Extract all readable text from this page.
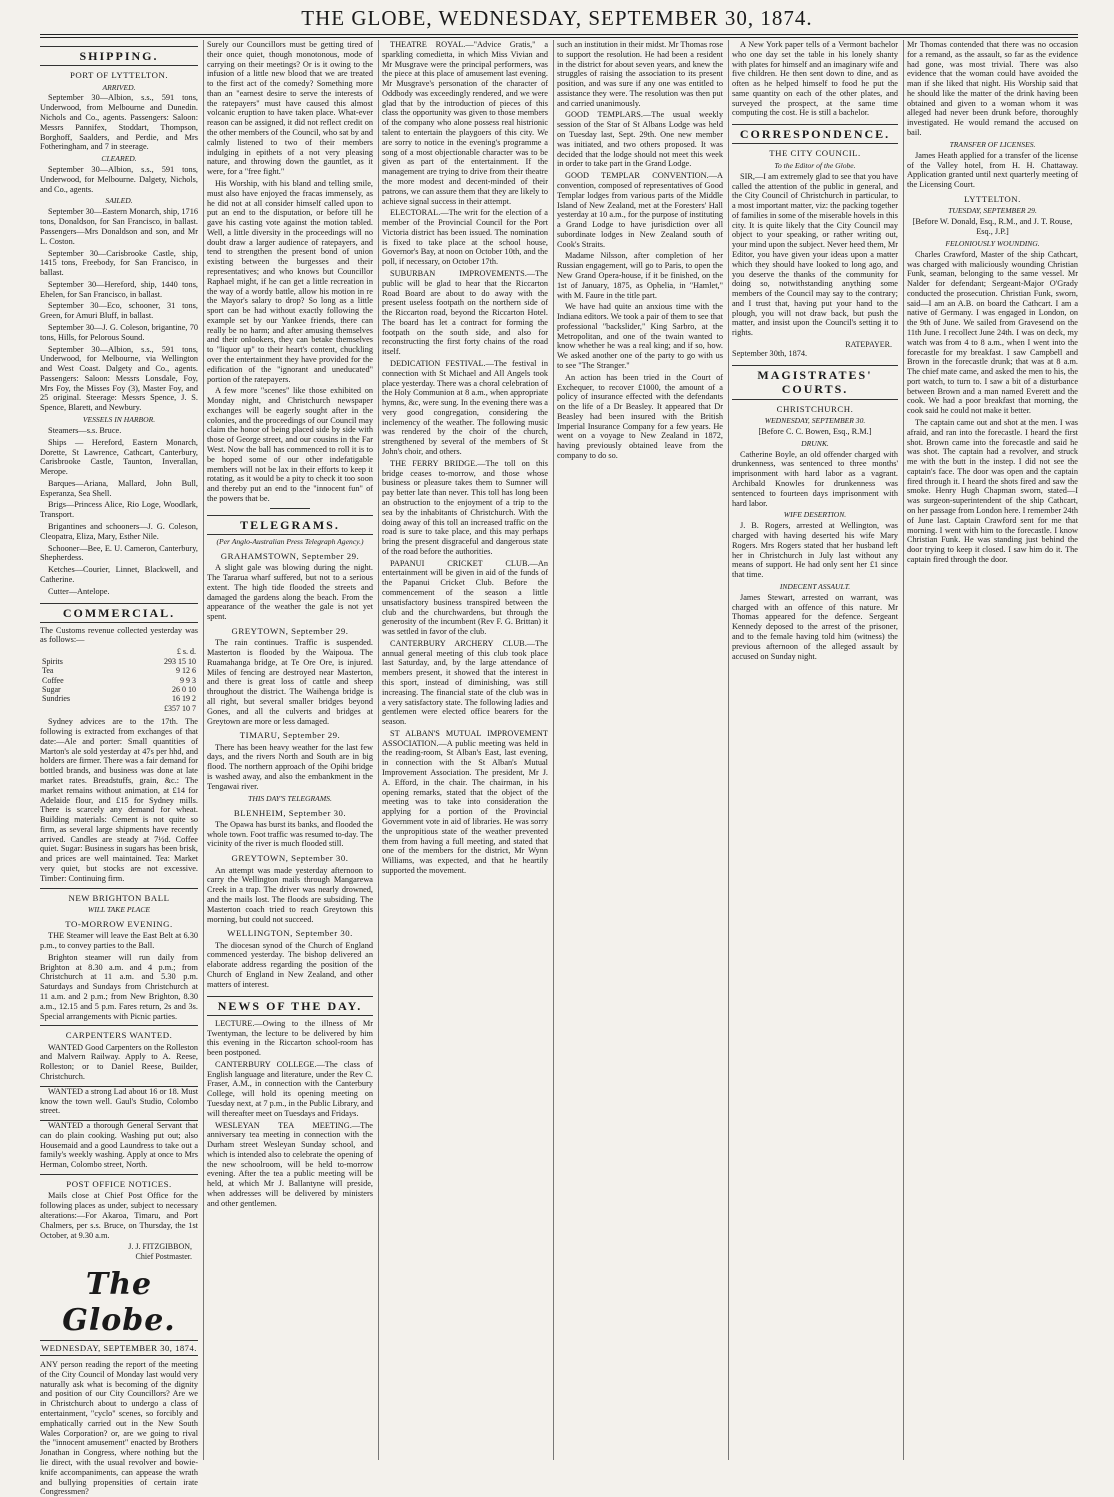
THE GLOBE, WEDNESDAY, SEPTEMBER 30, 1874.
SHIPPING.
PORT OF LYTTELTON.
ARRIVED.

September 30—Albion, s.s., 591 tons, Underwood, from Melbourne and Dunedin. Nichols and Co., agents. Passengers: Saloon: Messrs Pannifex, Stoddart, Thompson, Borghoff, Saalders, and Perdie, and Mrs Fotheringham, and 7 in steerage.

CLEARED.

September 30—Albion, s.s., 591 tons, Underwood, for Melbourne. Dalgety, Nichols, and Co., agents.

SAILED.

September 30—Eastern Monarch, ship, 1716 tons, Donaldson, for San Francisco, in ballast. Passengers—Mrs Donaldson and son, and Mr L. Coston.

September 30—Carisbrooke Castle, ship, 1415 tons, Freebody, for San Francisco, in ballast.

September 30—Hereford, ship, 1440 tons, Ehelen, for San Francisco, in ballast.

September 30—Eco, schooner, 31 tons, Green, for Amuri Bluff, in ballast.

September 30—J. G. Coleson, brigantine, 70 tons, Hills, for Pelorous Sound.

September 30—Albion, s.s., 591 tons, Underwood, for Melbourne, via Wellington and West Coast. Dalgety and Co., agents. Passengers: Saloon: Messrs Lonsdale, Foy, Mrs Foy, the Misses Foy (3), Master Foy, and 25 original. Steerage: Messrs Spence, J. S. Spence, Blarett, and Newbury.

VESSELS IN HARBOR.

Steamers—s.s. Bruce.

Ships — Hereford, Eastern Monarch, Dorette, St Lawrence, Cathcart, Canterbury, Carisbrooke Castle, Taunton, Inverallan, Merope.

Barques—Ariana, Mallard, John Bull, Esperanza, Sea Shell.

Brigs—Princess Alice, Rio Loge, Woodlark, Transport.

Brigantines and schooners—J. G. Coleson, Cleopatra, Eliza, Mary, Esther Nile.

Schooner—Bee, E. U. Cameron, Canterbury, Shepherdess.

Ketches—Courier, Linnet, Blackwell, and Catherine.

Cutter—Antelope.

COMMERCIAL.

The Customs revenue collected yesterday was as follows:—

	£ s. d.
Spirits	293 15 10
Tea	9 12 6
Coffee	9 9 3
Sugar	26 0 10
Sundries	16 19 2
	£357 10 7

Sydney advices are to the 17th. The following is extracted from exchanges of that date:—Ale and porter: Small quantities of Marton's ale sold yesterday at 47s per hhd, and holders are firmer. There was a fair demand for bottled brands, and business was done at late market rates. Breadstuffs, grain, &c.: The market remains without animation, at £14 for Adelaide flour, and £15 for Sydney mills. There is scarcely any demand for wheat. Building materials: Cement is not quite so firm, as several large shipments have recently arrived. Candles are steady at 7½d. Coffee quiet. Sugar: Business in sugars has been brisk, and prices are well maintained. Tea: Market very quiet, but stocks are not excessive. Timber: Continuing firm.

NEW BRIGHTON BALL
WILL TAKE PLACE
TO-MORROW EVENING.

THE Steamer will leave the East Belt at 6.30 p.m., to convey parties to the Ball.

Brighton steamer will run daily from Brighton at 8.30 a.m. and 4 p.m.; from Christchurch at 11 a.m. and 5.30 p.m. Saturdays and Sundays from Christchurch at 11 a.m. and 2 p.m.; from New Brighton, 8.30 a.m., 12.15 and 5 p.m. Fares return, 2s and 3s. Special arrangements with Picnic parties.

CARPENTERS WANTED.

WANTED Good Carpenters on the Rolleston and Malvern Railway. Apply to A. Reese, Rolleston; or to Daniel Reese, Builder, Christchurch.

WANTED a strong Lad about 16 or 18. Must know the town well. Gaul's Studio, Colombo street.

WANTED a thorough General Servant that can do plain cooking. Washing put out; also Housemaid and a good Laundress to take out a family's weekly washing. Apply at once to Mrs Herman, Colombo street, North.

POST OFFICE NOTICES.

Mails close at Chief Post Office for the following places as under, subject to necessary alterations:—For Akaroa, Timaru, and Port Chalmers, per s.s. Bruce, on Thursday, the 1st October, at 9.30 a.m.

J. J. FITZGIBBON,
Chief Postmaster.
The Globe.
WEDNESDAY, SEPTEMBER 30, 1874.

ANY person reading the report of the meeting of the City Council of Monday last would very naturally ask what is becoming of the dignity and position of our City Councillors? Are we in Christchurch about to undergo a class of entertainment, "cyclo" scenes, so forcibly and emphatically carried out in the New South Wales Corporation? or, are we going to rival the "innocent amusement" enacted by Brothers Jonathan in Congress, where nothing but the lie direct, with the usual revolver and bowie-knife accompaniments, can appease the wrath and bullying propensities of certain irate Congressmen?

Surely our Councillors must be getting tired of their once quiet, though monotonous, mode of carrying on their meetings? Or is it owing to the infusion of a little new blood that we are treated to the first act of the comedy? Something more than an "earnest desire to serve the interests of the ratepayers" must have caused this almost volcanic eruption to have taken place. What-ever reason can be assigned, it did not reflect credit on the other members of the Council, who sat by and calmly listened to two of their members indulging in epithets of a not very pleasing nature, and throwing down the gauntlet, as it were, for a "free fight."

His Worship, with his bland and telling smile, must also have enjoyed the fracas immensely, as he did not at all consider himself called upon to put an end to the disputation, or before till he gave his casting vote against the motion tabled. Well, a little diversity in the proceedings will no doubt draw a larger audience of ratepayers, and tend to strengthen the present bond of union existing between the burgesses and their representatives; and who knows but Councillor Raphael might, if he can get a little recreation in the way of a wordy battle, allow his motion in re the Mayor's salary to drop? So long as a little sport can be had without exactly following the example set by our Yankee friends, there can really be no harm; and after amusing themselves and their onlookers, they can betake themselves to "liquor up" to their heart's content, chuckling over the entertainment they have provided for the edification of the "ignorant and uneducated" portion of the ratepayers.

A few more "scenes" like those exhibited on Monday night, and Christchurch newspaper exchanges will be eagerly sought after in the colonies, and the proceedings of our Council may claim the honor of being placed side by side with those of George street, and our cousins in the Far West. Now the ball has commenced to roll it is to be hoped some of our other indefatigable members will not be lax in their efforts to keep it rotating, as it would be a pity to check it too soon and thereby put an end to the "innocent fun" of the powers that be.

TELEGRAMS.
(Per Anglo-Australian Press Telegraph Agency.)
GRAHAMSTOWN, September 29.

A slight gale was blowing during the night. The Tararua wharf suffered, but not to a serious extent. The high tide flooded the streets and damaged the gardens along the beach. From the appearance of the weather the gale is not yet spent.

GREYTOWN, September 29.

The rain continues. Traffic is suspended. Masterton is flooded by the Waipoua. The Ruamahanga bridge, at Te Ore Ore, is injured. Miles of fencing are destroyed near Masterton, and there is great loss of cattle and sheep throughout the district. The Waihenga bridge is all right, but several smaller bridges beyond Gones, and all the culverts and bridges at Greytown are more or less damaged.

TIMARU, September 29.

There has been heavy weather for the last few days, and the rivers North and South are in big flood. The northern approach of the Opihi bridge is washed away, and also the embankment in the Tengawai river.

THIS DAY'S TELEGRAMS.
BLENHEIM, September 30.

The Opawa has burst its banks, and flooded the whole town. Foot traffic was resumed to-day. The vicinity of the river is much flooded still.

GREYTOWN, September 30.

An attempt was made yesterday afternoon to carry the Wellington mails through Mangarewa Creek in a trap. The driver was nearly drowned, and the mails lost. The floods are subsiding. The Masterton coach tried to reach Greytown this morning, but could not succeed.

WELLINGTON, September 30.

The diocesan synod of the Church of England commenced yesterday. The bishop delivered an elaborate address regarding the position of the Church of England in New Zealand, and other matters of interest.

NEWS OF THE DAY.

LECTURE.—Owing to the illness of Mr Twentyman, the lecture to be delivered by him this evening in the Riccarton school-room has been postponed.

CANTERBURY COLLEGE.—The class of English language and literature, under the Rev C. Fraser, A.M., in connection with the Canterbury College, will hold its opening meeting on Tuesday next, at 7 p.m., in the Public Library, and will thereafter meet on Tuesdays and Fridays.

WESLEYAN TEA MEETING.—The anniversary tea meeting in connection with the Durham street Wesleyan Sunday school, and which is intended also to celebrate the opening of the new schoolroom, will be held to-morrow evening. After the tea a public meeting will be held, at which Mr J. Ballantyne will preside, when addresses will be delivered by ministers and other gentlemen.

THEATRE ROYAL.—"Advice Gratis," a sparkling comedietta, in which Miss Vivian and Mr Musgrave were the principal performers, was the piece at this place of amusement last evening. Mr Musgrave's personation of the character of Oddbody was exceedingly rendered, and we were glad that by the introduction of pieces of this class the opportunity was given to those members of the company who alone possess real histrionic talent to entertain the playgoers of this city. We are sorry to notice in the evening's programme a song of a most objectionable character was to be given as part of the entertainment. If the management are trying to drive from their theatre the more modest and decent-minded of their patrons, we can assure them that they are likely to achieve signal success in their attempt.

ELECTORAL.—The writ for the election of a member of the Provincial Council for the Port Victoria district has been issued. The nomination is fixed to take place at the school house, Governor's Bay, at noon on October 10th, and the poll, if necessary, on October 17th.

SUBURBAN IMPROVEMENTS.—The public will be glad to hear that the Riccarton Road Board are about to do away with the present useless footpath on the northern side of the Riccarton road, beyond the Riccarton Hotel. The board has let a contract for forming the footpath on the south side, and also for reconstructing the first forty chains of the road itself.

DEDICATION FESTIVAL.—The festival in connection with St Michael and All Angels took place yesterday. There was a choral celebration of the Holy Communion at 8 a.m., when appropriate hymns, &c, were sung. In the evening there was a very good congregation, considering the inclemency of the weather. The following music was rendered by the choir of the church, strengthened by several of the members of St John's choir, and others.

THE FERRY BRIDGE.—The toll on this bridge ceases to-morrow, and those whose business or pleasure takes them to Sumner will pay better late than never. This toll has long been an obstruction to the enjoyment of a trip to the sea by the inhabitants of Christchurch. With the doing away of this toll an increased traffic on the road is sure to take place, and this may perhaps bring the present disgraceful and dangerous state of the road before the authorities.

PAPANUI CRICKET CLUB.—An entertainment will be given in aid of the funds of the Papanui Cricket Club. Before the commencement of the season a little unsatisfactory business transpired between the club and the churchwardens, but through the generosity of the incumbent (Rev F. G. Brittan) it was settled in favor of the club.

CANTERBURY ARCHERY CLUB.—The annual general meeting of this club took place last Saturday, and, by the large attendance of members present, it showed that the interest in this sport, instead of diminishing, was still increasing. The financial state of the club was in a very satisfactory state. The following ladies and gentlemen were elected office bearers for the season.

ST ALBAN'S MUTUAL IMPROVEMENT ASSOCIATION.—A public meeting was held in the reading-room, St Alban's East, last evening, in connection with the St Alban's Mutual Improvement Association. The president, Mr J. A. Efford, in the chair. The chairman, in his opening remarks, stated that the object of the meeting was to take into consideration the applying for a portion of the Provincial Government vote in aid of libraries. He was sorry the unpropitious state of the weather prevented them from having a full meeting, and stated that one of the members for the district, Mr Wynn Williams, was expected, and that he heartily supported the movement.

such an institution in their midst. Mr Thomas rose to support the resolution. He had been a resident in the district for about seven years, and knew the struggles of raising the association to its present position, and was sure if any one was entitled to assistance they were. The resolution was then put and carried unanimously.

GOOD TEMPLARS.—The usual weekly session of the Star of St Albans Lodge was held on Tuesday last, Sept. 29th. One new member was initiated, and two others proposed. It was decided that the lodge should not meet this week in order to take part in the Grand Lodge.

GOOD TEMPLAR CONVENTION.—A convention, composed of representatives of Good Templar lodges from various parts of the Middle Island of New Zealand, met at the Foresters' Hall yesterday at 10 a.m., for the purpose of instituting a Grand Lodge to have jurisdiction over all subordinate lodges in New Zealand south of Cook's Straits.

Madame Nilsson, after completion of her Russian engagement, will go to Paris, to open the New Grand Opera-house, if it be finished, on the 1st of January, 1875, as Ophelia, in "Hamlet," with M. Faure in the title part.

We have had quite an anxious time with the Indiana editors. We took a pair of them to see that professional "backslider," King Sarbro, at the Metropolitan, and one of the twain wanted to know whether he was a real king; and if so, how. We asked another one of the party to go with us to see "The Stranger."

An action has been tried in the Court of Exchequer, to recover £1000, the amount of a policy of insurance effected with the defendants on the life of a Dr Beasley. It appeared that Dr Beasley had been insured with the British Imperial Insurance Company for a few years. He went on a voyage to New Zealand in 1872, having previously obtained leave from the company to do so.

A New York paper tells of a Vermont bachelor who one day set the table in his lonely shanty with plates for himself and an imaginary wife and five children. He then sent down to dine, and as often as he helped himself to food he put the same quantity on each of the other plates, and surveyed the prospect, at the same time computing the cost. He is still a bachelor.

CORRESPONDENCE.
THE CITY COUNCIL.
To the Editor of the Globe.

SIR,—I am extremely glad to see that you have called the attention of the public in general, and the City Council of Christchurch in particular, to a most important matter, viz: the packing together of families in some of the miserable hovels in this city. It is quite likely that the City Council may object to your speaking, or rather writing out, your mind upon the subject. Never heed them, Mr Editor, you have given your ideas upon a matter which they should have looked to long ago, and you deserve the thanks of the community for doing so, notwithstanding anything some members of the Council may say to the contrary; and I trust that, having put your hand to the plough, you will not draw back, but push the matter, and insist upon the Council's setting it to rights.

RATEPAYER.

September 30th, 1874.

MAGISTRATES' COURTS.
CHRISTCHURCH.
WEDNESDAY, SEPTEMBER 30.

[Before C. C. Bowen, Esq., R.M.]

DRUNK.

Catherine Boyle, an old offender charged with drunkenness, was sentenced to three months' imprisonment with hard labor as a vagrant. Archibald Knowles for drunkenness was sentenced to fourteen days imprisonment with hard labor.

WIFE DESERTION.

J. B. Rogers, arrested at Wellington, was charged with having deserted his wife Mary Rogers. Mrs Rogers stated that her husband left her in Christchurch in July last without any means of support. He had only sent her £1 since that time.

INDECENT ASSAULT.

James Stewart, arrested on warrant, was charged with an offence of this nature. Mr Thomas appeared for the defence. Sergeant Kennedy deposed to the arrest of the prisoner, and to the female having told him (witness) the previous afternoon of the alleged assault by accused on Sunday night.

Mr Thomas contended that there was no occasion for a remand, as the assault, so far as the evidence had gone, was most trivial. There was also evidence that the woman could have avoided the man if she liked that night. His Worship said that he should like the matter of the drink having been obtained and given to a woman whom it was alleged had never been drunk before, thoroughly investigated. He would remand the accused on bail.

TRANSFER OF LICENSES.

James Heath applied for a transfer of the license of the Valley hotel, from H. H. Chattaway. Application granted until next quarterly meeting of the Licensing Court.

LYTTELTON.
TUESDAY, SEPTEMBER 29.

[Before W. Donald, Esq., R.M., and J. T. Rouse, Esq., J.P.]

FELONIOUSLY WOUNDING.

Charles Crawford, Master of the ship Cathcart, was charged with maliciously wounding Christian Funk, seaman, belonging to the same vessel. Mr Nalder for defendant; Sergeant-Major O'Grady conducted the prosecution. Christian Funk, sworn, said—I am an A.B. on board the Cathcart. I am a native of Germany. I was engaged in London, on the 9th of June. We sailed from Gravesend on the 11th June. I recollect June 24th. I was on deck, my watch was from 4 to 8 a.m., when I went into the forecastle for my breakfast. I saw Campbell and Brown in the forecastle drunk; that was at 8 a.m. The chief mate came, and asked the men to his, the port watch, to turn to. I saw a bit of a disturbance between Brown and a man named Everett and the cook. We had a poor breakfast that morning, the cook said he could not make it better.

The captain came out and shot at the men. I was afraid, and ran into the forecastle. I heard the first shot. Brown came into the forecastle and said he was shot. The captain had a revolver, and struck me with the butt in the instep. I did not see the captain's face. The door was open and the captain fired through it. I heard the shots fired and saw the smoke. Henry Hugh Chapman sworn, stated—I was surgeon-superintendent of the ship Cathcart, on her passage from London here. I remember 24th of June last. Captain Crawford sent for me that morning. I went with him to the forecastle. I know Christian Funk. He was standing just behind the door trying to keep it closed. I saw him do it. The captain fired through the door.
